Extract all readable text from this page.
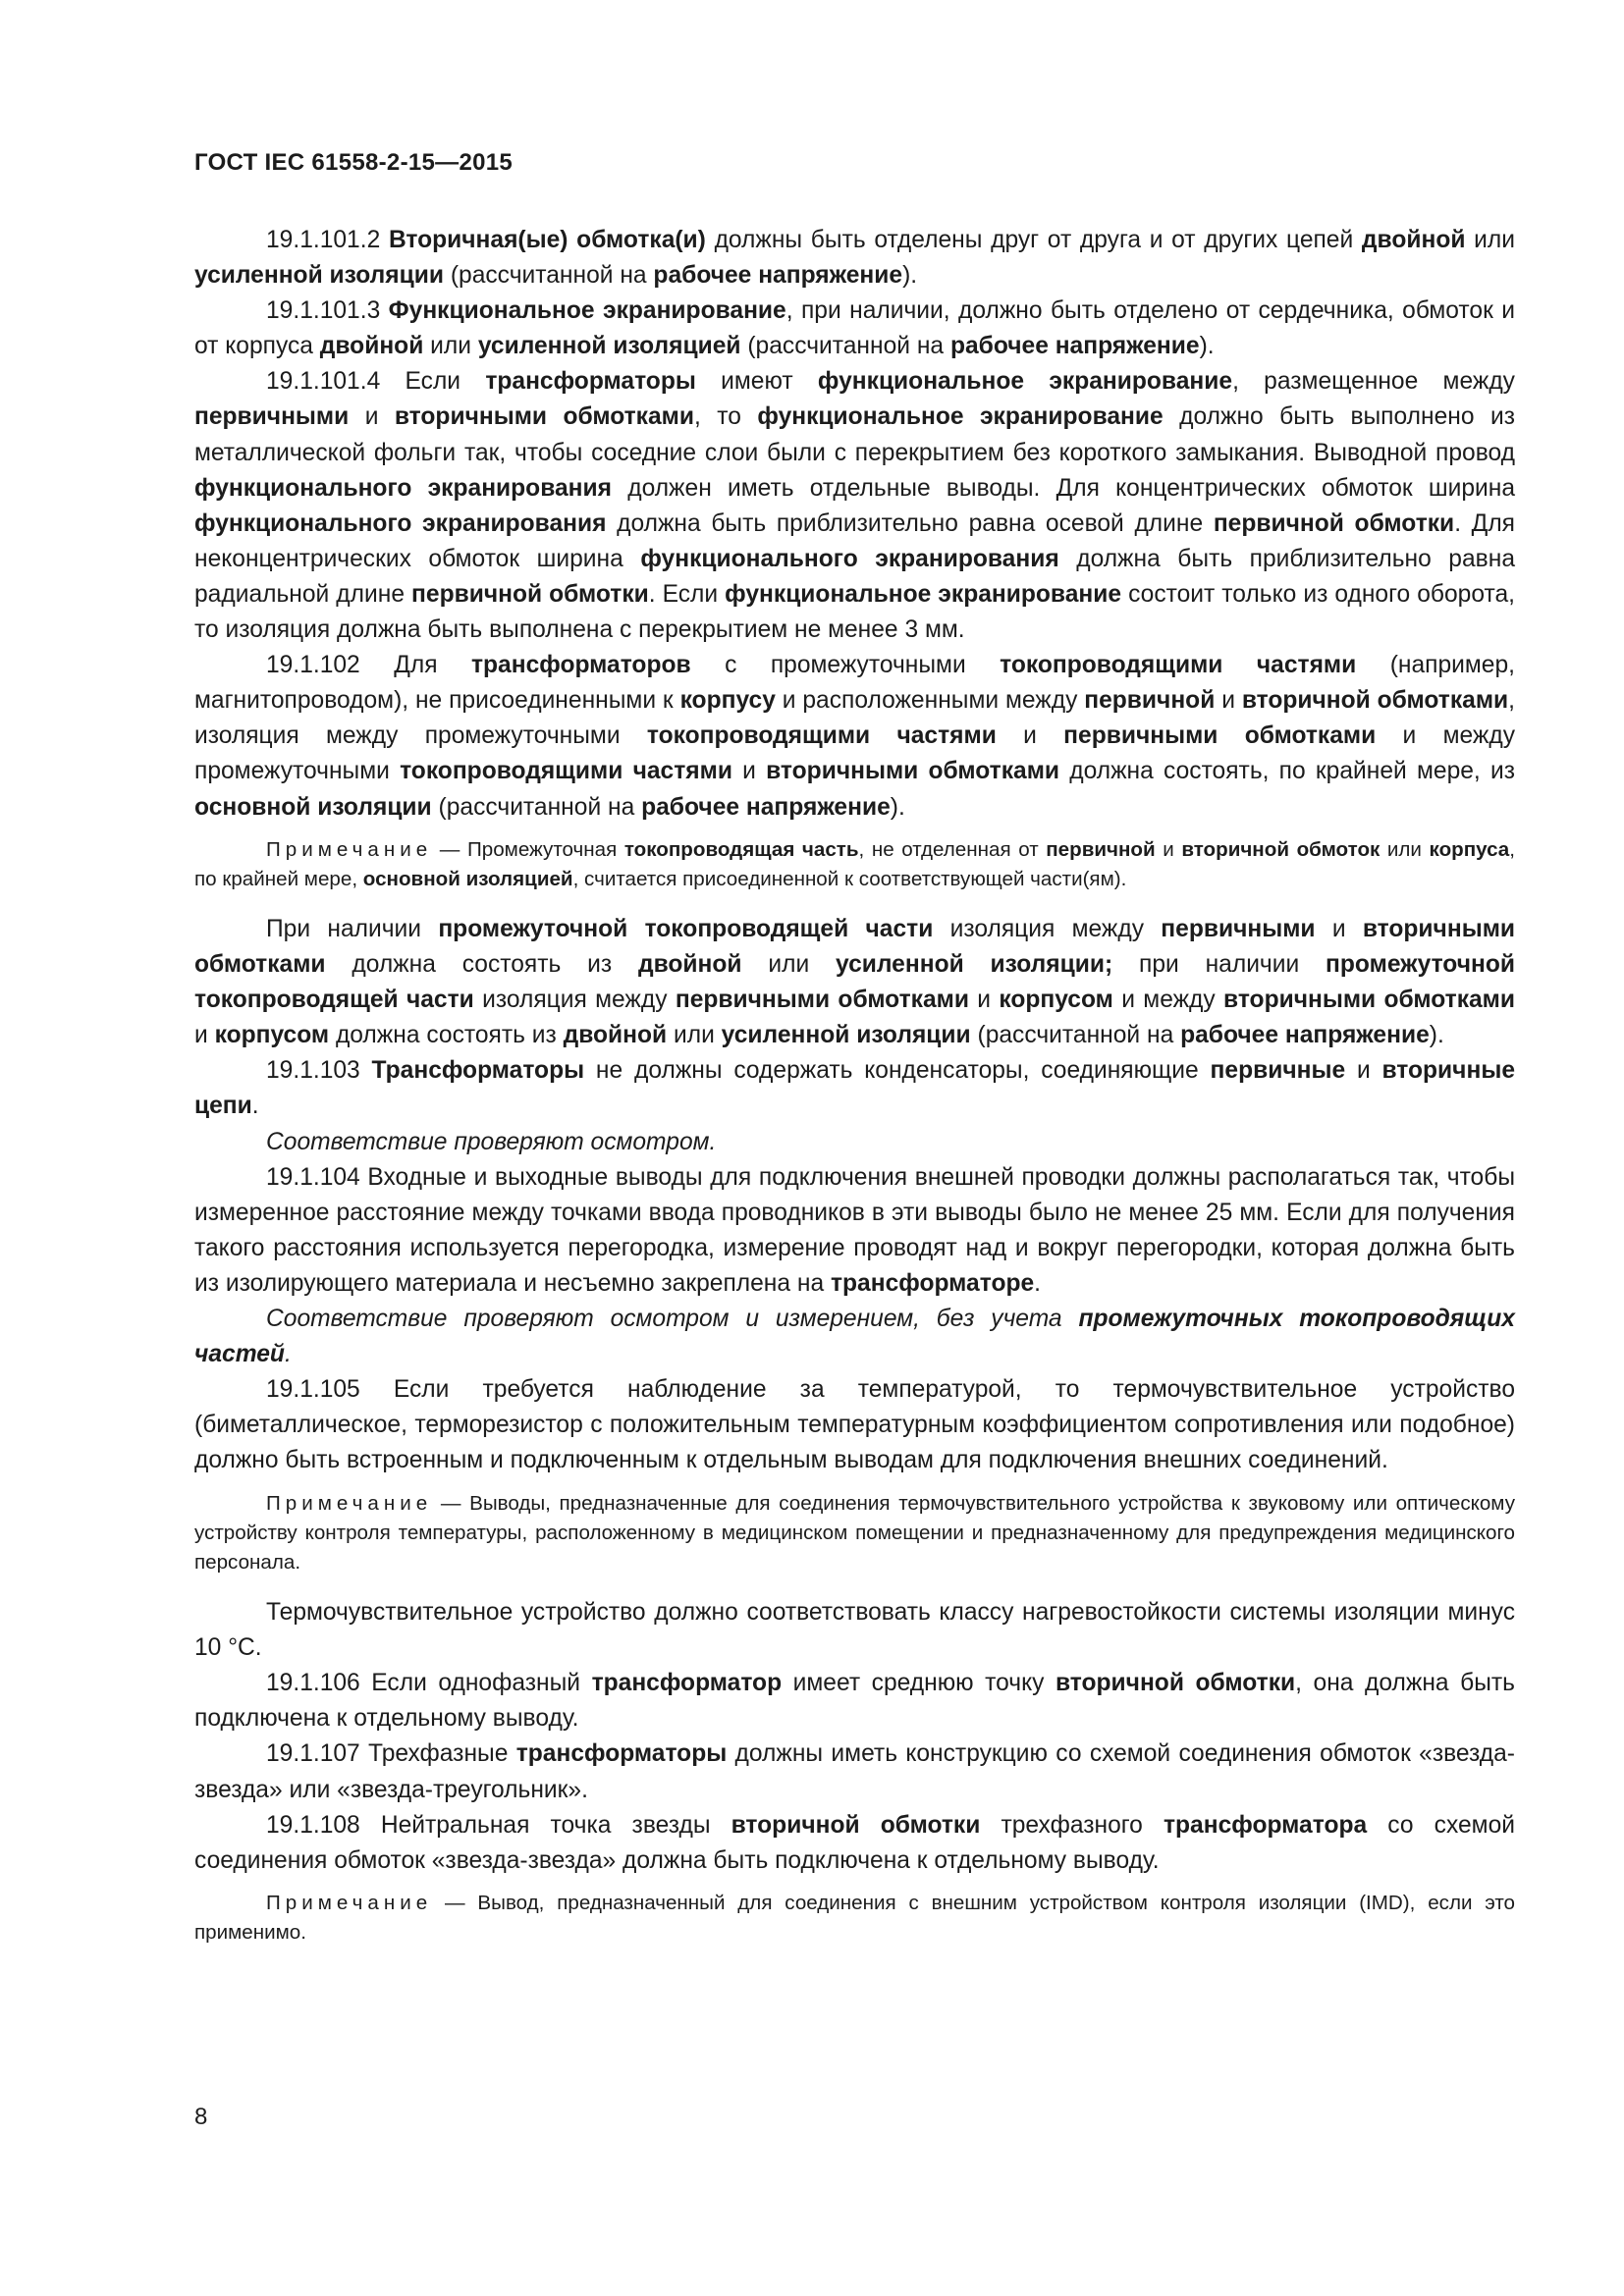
ГОСТ IEC 61558-2-15—2015

19.1.101.2 Вторичная(ые) обмотка(и) должны быть отделены друг от друга и от других цепей двойной или усиленной изоляции (рассчитанной на рабочее напряжение).

19.1.101.3 Функциональное экранирование, при наличии, должно быть отделено от сердечника, обмоток и от корпуса двойной или усиленной изоляцией (рассчитанной на рабочее напряжение).

19.1.101.4 Если трансформаторы имеют функциональное экранирование, размещенное между первичными и вторичными обмотками, то функциональное экранирование должно быть выполнено из металлической фольги так, чтобы соседние слои были с перекрытием без короткого замыкания. Выводной провод функционального экранирования должен иметь отдельные выводы. Для концентрических обмоток ширина функционального экранирования должна быть приблизительно равна осевой длине первичной обмотки. Для неконцентрических обмоток ширина функционального экранирования должна быть приблизительно равна радиальной длине первичной обмотки. Если функциональное экранирование состоит только из одного оборота, то изоляция должна быть выполнена с перекрытием не менее 3 мм.

19.1.102 Для трансформаторов с промежуточными токопроводящими частями (например, магнитопроводом), не присоединенными к корпусу и расположенными между первичной и вторичной обмотками, изоляция между промежуточными токопроводящими частями и первичными обмотками и между промежуточными токопроводящими частями и вторичными обмотками должна состоять, по крайней мере, из основной изоляции (рассчитанной на рабочее напряжение).

Примечание — Промежуточная токопроводящая часть, не отделенная от первичной и вторичной обмоток или корпуса, по крайней мере, основной изоляцией, считается присоединенной к соответствующей части(ям).

При наличии промежуточной токопроводящей части изоляция между первичными и вторичными обмотками должна состоять из двойной или усиленной изоляции; при наличии промежуточной токопроводящей части изоляция между первичными обмотками и корпусом и между вторичными обмотками и корпусом должна состоять из двойной или усиленной изоляции (рассчитанной на рабочее напряжение).

19.1.103 Трансформаторы не должны содержать конденсаторы, соединяющие первичные и вторичные цепи.

Соответствие проверяют осмотром.

19.1.104 Входные и выходные выводы для подключения внешней проводки должны располагаться так, чтобы измеренное расстояние между точками ввода проводников в эти выводы было не менее 25 мм. Если для получения такого расстояния используется перегородка, измерение проводят над и вокруг перегородки, которая должна быть из изолирующего материала и несъемно закреплена на трансформаторе.

Соответствие проверяют осмотром и измерением, без учета промежуточных токопроводящих частей.

19.1.105 Если требуется наблюдение за температурой, то термочувствительное устройство (биметаллическое, терморезистор с положительным температурным коэффициентом сопротивления или подобное) должно быть встроенным и подключенным к отдельным выводам для подключения внешних соединений.

Примечание — Выводы, предназначенные для соединения термочувствительного устройства к звуковому или оптическому устройству контроля температуры, расположенному в медицинском помещении и предназначенному для предупреждения медицинского персонала.

Термочувствительное устройство должно соответствовать классу нагревостойкости системы изоляции минус 10 °С.

19.1.106 Если однофазный трансформатор имеет среднюю точку вторичной обмотки, она должна быть подключена к отдельному выводу.

19.1.107 Трехфазные трансформаторы должны иметь конструкцию со схемой соединения обмоток «звезда-звезда» или «звезда-треугольник».

19.1.108 Нейтральная точка звезды вторичной обмотки трехфазного трансформатора со схемой соединения обмоток «звезда-звезда» должна быть подключена к отдельному выводу.

Примечание — Вывод, предназначенный для соединения с внешним устройством контроля изоляции (IMD), если это применимо.

8
